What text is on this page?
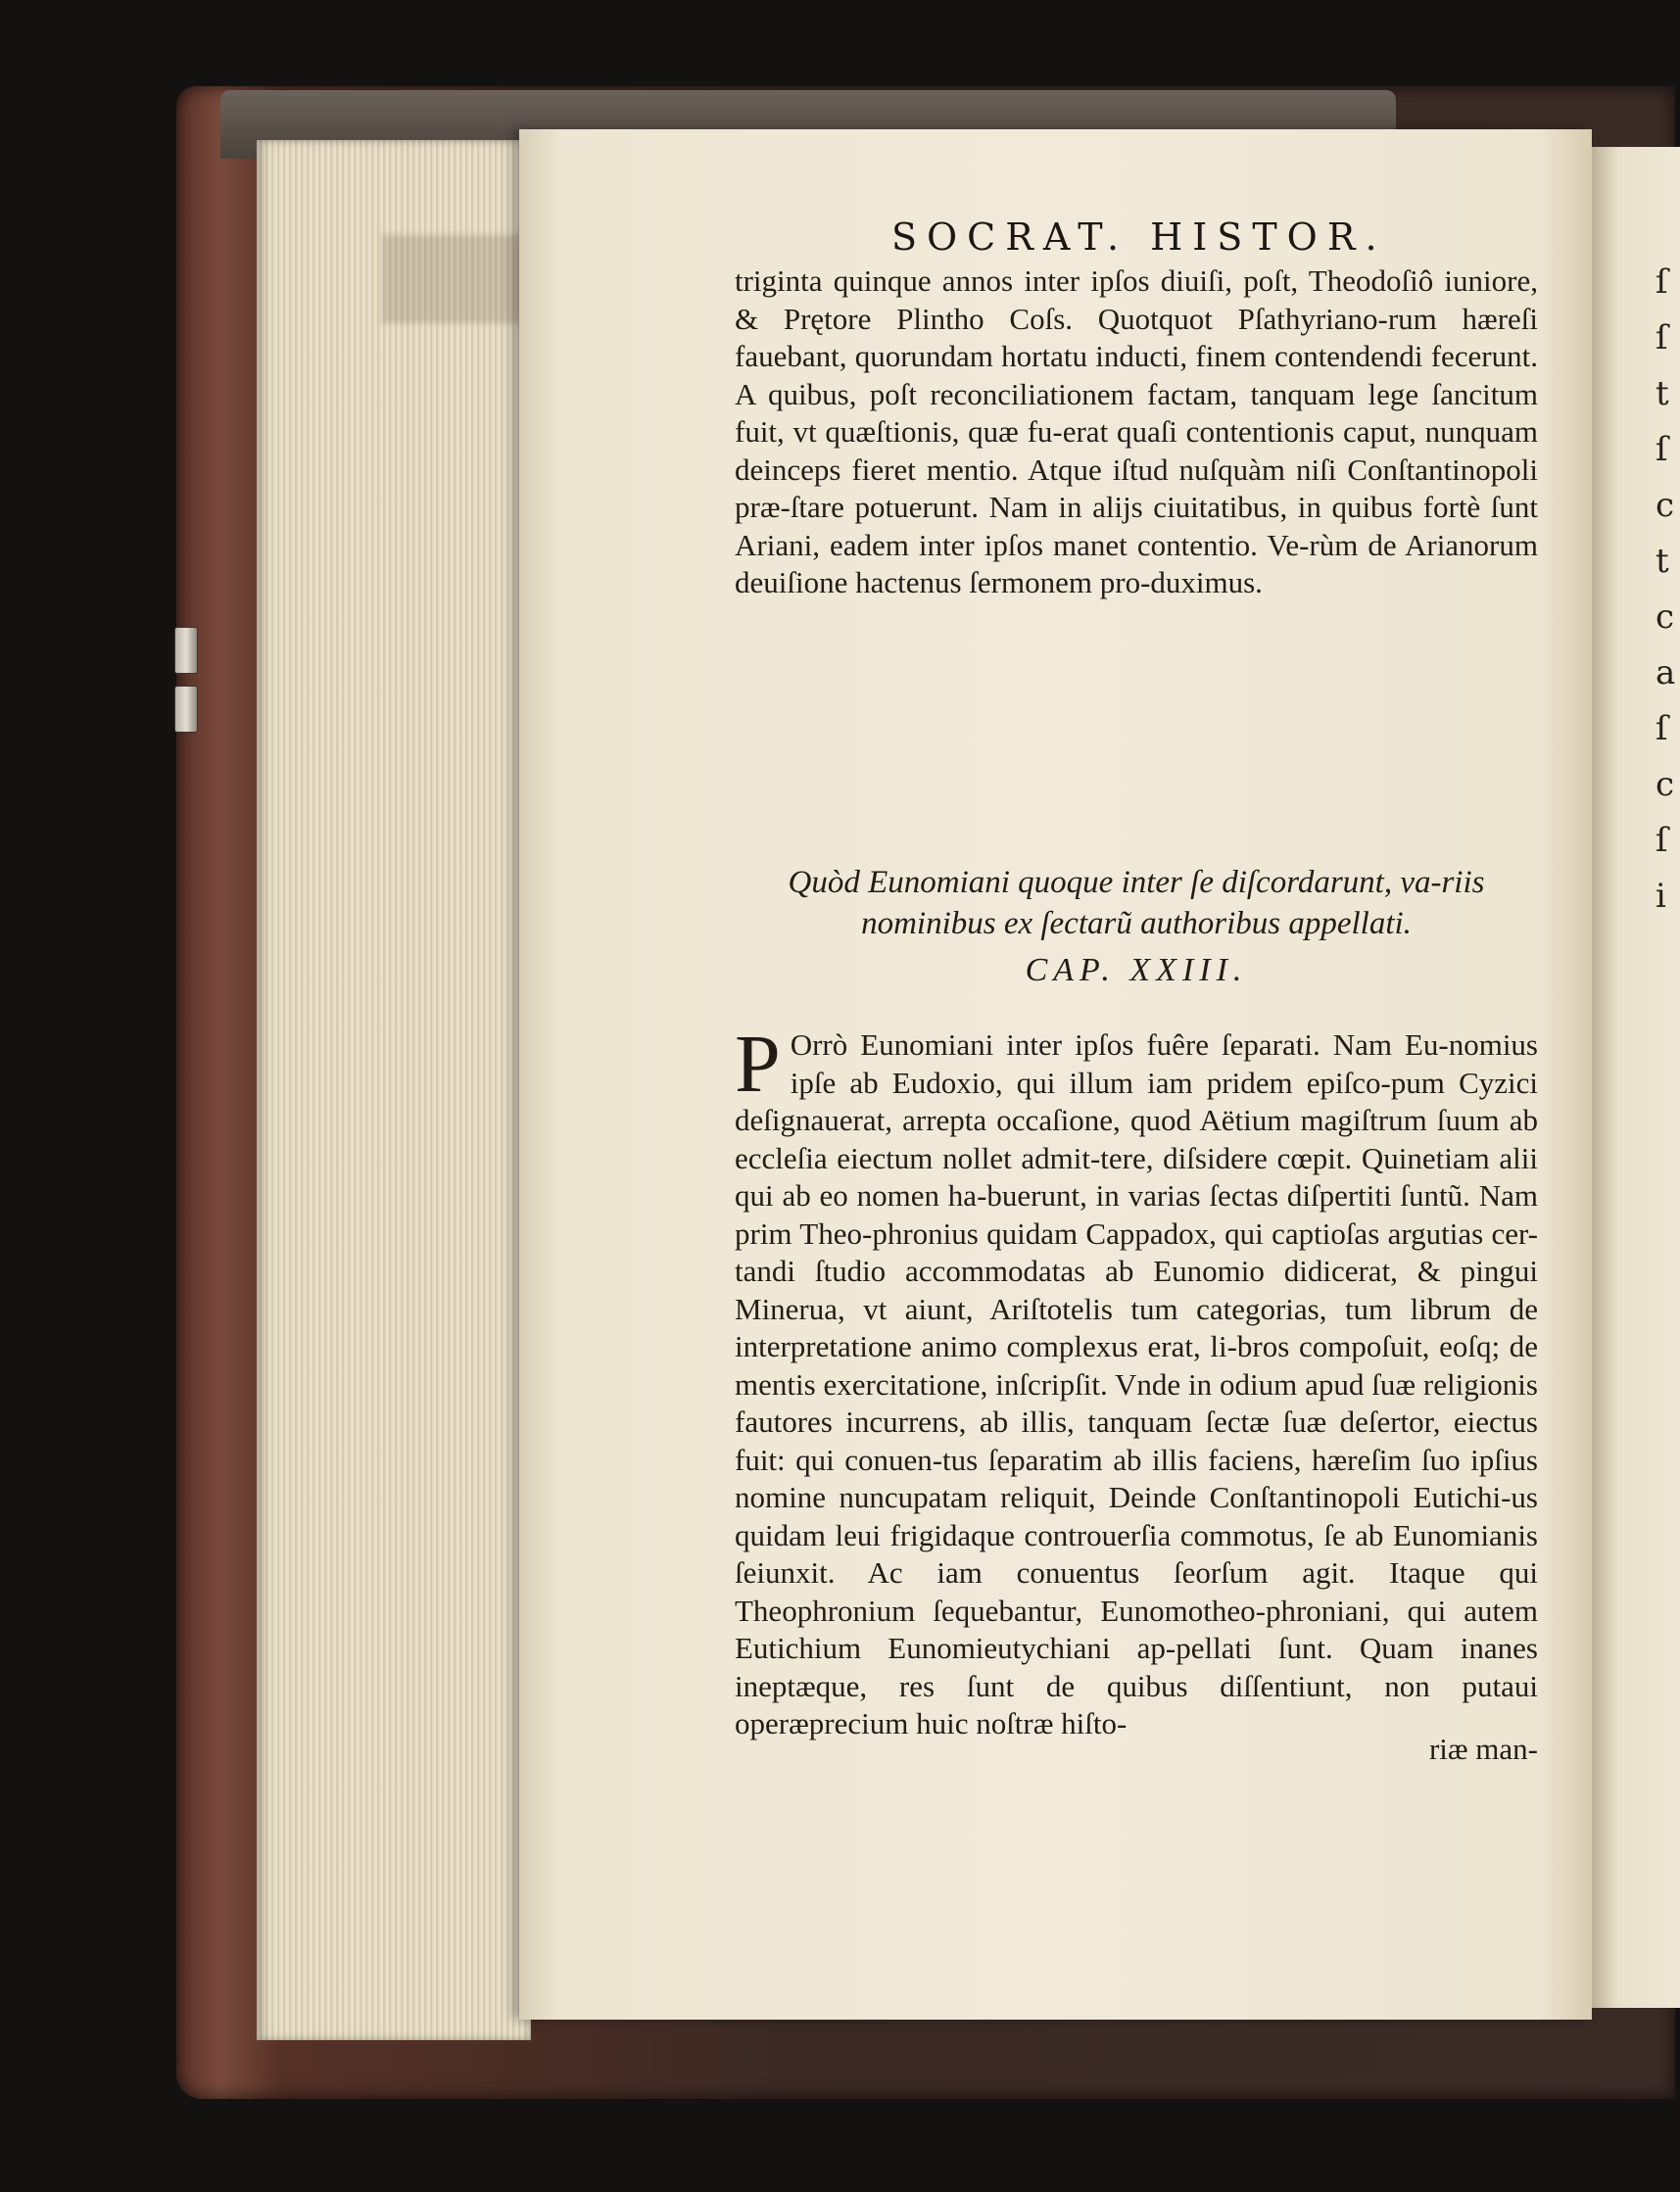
ſ ſ t ſ c t c a ſ c ſ i
SOCRAT. HISTOR.

triginta quinque annos inter ipſos diuiſi, poſt, Theodoſiô iuniore, & Prętore Plintho Coſs. Quotquot Pſathyriano-rum hæreſi fauebant, quorundam hortatu inducti, finem contendendi fecerunt. A quibus, poſt reconciliationem factam, tanquam lege ſancitum fuit, vt quæſtionis, quæ fu-erat quaſi contentionis caput, nunquam deinceps fieret mentio. Atque iſtud nuſquàm niſi Conſtantinopoli præ-ſtare potuerunt. Nam in alijs ciuitatibus, in quibus fortè ſunt Ariani, eadem inter ipſos manet contentio. Ve-rùm de Arianorum deuiſione hactenus ſermonem pro-duximus.

Quòd Eunomiani quoque inter ſe diſcordarunt, va-riis nominibus ex ſectarũ authoribus appellati.
CAP. XXIII.

P Orrò Eunomiani inter ipſos fuêre ſeparati. Nam Eu-nomius ipſe ab Eudoxio, qui illum iam pridem epiſco-pum Cyzici deſignauerat, arrepta occaſione, quod Aëtium magiſtrum ſuum ab eccleſia eiectum nollet admit-tere, diſsidere cœpit. Quinetiam alii qui ab eo nomen ha-buerunt, in varias ſectas diſpertiti ſuntũ. Nam prim Theo-phronius quidam Cappadox, qui captioſas argutias cer-tandi ſtudio accommodatas ab Eunomio didicerat, & pingui Minerua, vt aiunt, Ariſtotelis tum categorias, tum librum de interpretatione animo complexus erat, li-bros compoſuit, eoſq; de mentis exercitatione, inſcripſit. Vnde in odium apud ſuæ religionis fautores incurrens, ab illis, tanquam ſectæ ſuæ deſertor, eiectus fuit: qui conuen-tus ſeparatim ab illis faciens, hæreſim ſuo ipſius nomine nuncupatam reliquit, Deinde Conſtantinopoli Eutichi-us quidam leui frigidaque controuerſia commotus, ſe ab Eunomianis ſeiunxit. Ac iam conuentus ſeorſum agit. Itaque qui Theophronium ſequebantur, Eunomotheo-phroniani, qui autem Eutichium Eunomieutychiani ap-pellati ſunt. Quam inanes ineptæque, res ſunt de quibus diſſentiunt, non putaui operæprecium huic noſtræ hiſto-

riæ man-
